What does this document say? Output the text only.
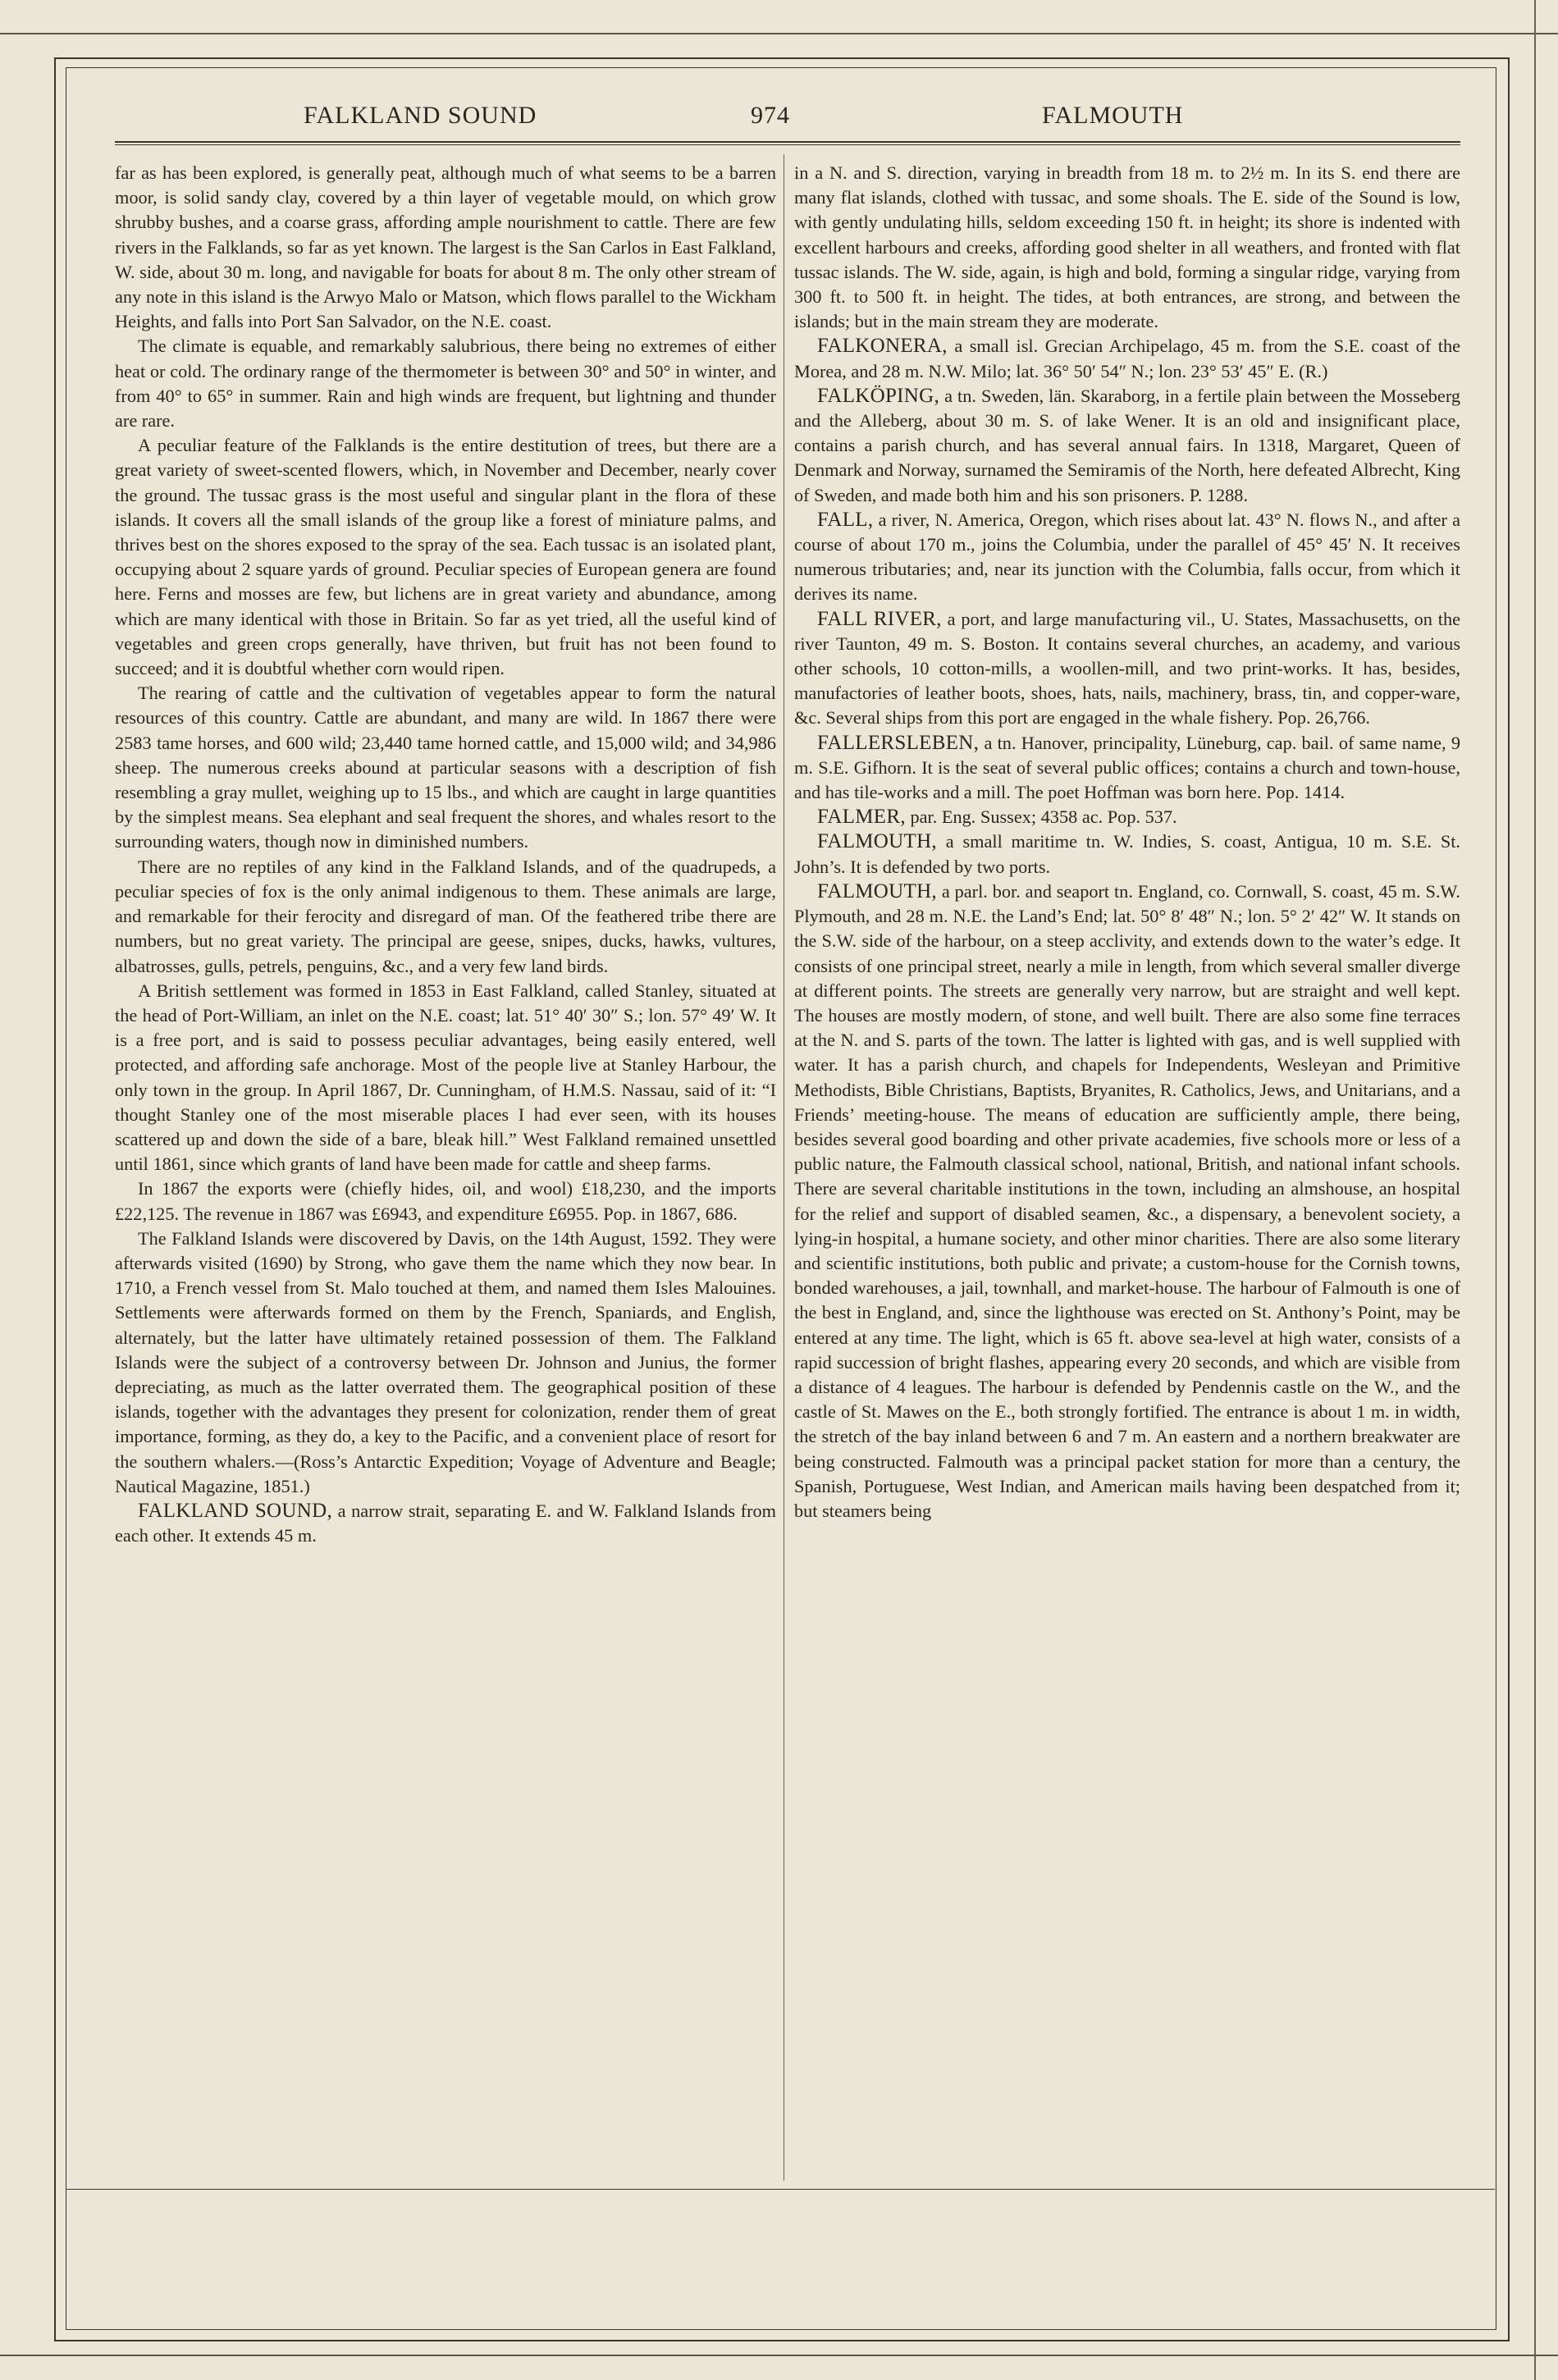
FALKLAND SOUND	974	FALMOUTH

far as has been explored, is generally peat, although much of what seems to be a barren moor, is solid sandy clay, covered by a thin layer of vegetable mould, on which grow shrubby bushes, and a coarse grass, affording ample nourishment to cattle. There are few rivers in the Falklands, so far as yet known. The largest is the San Carlos in East Falkland, W. side, about 30 m. long, and navigable for boats for about 8 m. The only other stream of any note in this island is the Arwyo Malo or Matson, which flows parallel to the Wickham Heights, and falls into Port San Salvador, on the N.E. coast.

The climate is equable, and remarkably salubrious, there being no extremes of either heat or cold. The ordinary range of the thermometer is between 30° and 50° in winter, and from 40° to 65° in summer. Rain and high winds are frequent, but lightning and thunder are rare.

A peculiar feature of the Falklands is the entire destitution of trees, but there are a great variety of sweet-scented flowers, which, in November and December, nearly cover the ground. The tussac grass is the most useful and singular plant in the flora of these islands. It covers all the small islands of the group like a forest of miniature palms, and thrives best on the shores exposed to the spray of the sea. Each tussac is an isolated plant, occupying about 2 square yards of ground. Peculiar species of European genera are found here. Ferns and mosses are few, but lichens are in great variety and abundance, among which are many identical with those in Britain. So far as yet tried, all the useful kind of vegetables and green crops generally, have thriven, but fruit has not been found to succeed; and it is doubtful whether corn would ripen.

The rearing of cattle and the cultivation of vegetables appear to form the natural resources of this country. Cattle are abundant, and many are wild. In 1867 there were 2583 tame horses, and 600 wild; 23,440 tame horned cattle, and 15,000 wild; and 34,986 sheep. The numerous creeks abound at particular seasons with a description of fish resembling a gray mullet, weighing up to 15 lbs., and which are caught in large quantities by the simplest means. Sea elephant and seal frequent the shores, and whales resort to the surrounding waters, though now in diminished numbers.

There are no reptiles of any kind in the Falkland Islands, and of the quadrupeds, a peculiar species of fox is the only animal indigenous to them. These animals are large, and remarkable for their ferocity and disregard of man. Of the feathered tribe there are numbers, but no great variety. The principal are geese, snipes, ducks, hawks, vultures, albatrosses, gulls, petrels, penguins, &c., and a very few land birds.

A British settlement was formed in 1853 in East Falkland, called Stanley, situated at the head of Port-William, an inlet on the N.E. coast; lat. 51° 40′ 30″ S.; lon. 57° 49′ W. It is a free port, and is said to possess peculiar advantages, being easily entered, well protected, and affording safe anchorage. Most of the people live at Stanley Harbour, the only town in the group. In April 1867, Dr. Cunningham, of H.M.S. Nassau, said of it: “I thought Stanley one of the most miserable places I had ever seen, with its houses scattered up and down the side of a bare, bleak hill.” West Falkland remained unsettled until 1861, since which grants of land have been made for cattle and sheep farms.

In 1867 the exports were (chiefly hides, oil, and wool) £18,230, and the imports £22,125. The revenue in 1867 was £6943, and expenditure £6955. Pop. in 1867, 686.

The Falkland Islands were discovered by Davis, on the 14th August, 1592. They were afterwards visited (1690) by Strong, who gave them the name which they now bear. In 1710, a French vessel from St. Malo touched at them, and named them Isles Malouines. Settlements were afterwards formed on them by the French, Spaniards, and English, alternately, but the latter have ultimately retained possession of them. The Falkland Islands were the subject of a controversy between Dr. Johnson and Junius, the former depreciating, as much as the latter overrated them. The geographical position of these islands, together with the advantages they present for colonization, render them of great importance, forming, as they do, a key to the Pacific, and a convenient place of resort for the southern whalers.—(Ross’s Antarctic Expedition; Voyage of Adventure and Beagle; Nautical Magazine, 1851.)

FALKLAND SOUND, a narrow strait, separating E. and W. Falkland Islands from each other. It extends 45 m.

in a N. and S. direction, varying in breadth from 18 m. to 2½ m. In its S. end there are many flat islands, clothed with tussac, and some shoals. The E. side of the Sound is low, with gently undulating hills, seldom exceeding 150 ft. in height; its shore is indented with excellent harbours and creeks, affording good shelter in all weathers, and fronted with flat tussac islands. The W. side, again, is high and bold, forming a singular ridge, varying from 300 ft. to 500 ft. in height. The tides, at both entrances, are strong, and between the islands; but in the main stream they are moderate.

FALKONERA, a small isl. Grecian Archipelago, 45 m. from the S.E. coast of the Morea, and 28 m. N.W. Milo; lat. 36° 50′ 54″ N.; lon. 23° 53′ 45″ E. (R.)

FALKÖPING, a tn. Sweden, län. Skaraborg, in a fertile plain between the Mosseberg and the Alleberg, about 30 m. S. of lake Wener. It is an old and insignificant place, contains a parish church, and has several annual fairs. In 1318, Margaret, Queen of Denmark and Norway, surnamed the Semiramis of the North, here defeated Albrecht, King of Sweden, and made both him and his son prisoners. P. 1288.

FALL, a river, N. America, Oregon, which rises about lat. 43° N. flows N., and after a course of about 170 m., joins the Columbia, under the parallel of 45° 45′ N. It receives numerous tributaries; and, near its junction with the Columbia, falls occur, from which it derives its name.

FALL RIVER, a port, and large manufacturing vil., U. States, Massachusetts, on the river Taunton, 49 m. S. Boston. It contains several churches, an academy, and various other schools, 10 cotton-mills, a woollen-mill, and two print-works. It has, besides, manufactories of leather boots, shoes, hats, nails, machinery, brass, tin, and copper-ware, &c. Several ships from this port are engaged in the whale fishery. Pop. 26,766.

FALLERSLEBEN, a tn. Hanover, principality, Lüneburg, cap. bail. of same name, 9 m. S.E. Gifhorn. It is the seat of several public offices; contains a church and town-house, and has tile-works and a mill. The poet Hoffman was born here. Pop. 1414.

FALMER, par. Eng. Sussex; 4358 ac. Pop. 537.

FALMOUTH, a small maritime tn. W. Indies, S. coast, Antigua, 10 m. S.E. St. John’s. It is defended by two ports.

FALMOUTH, a parl. bor. and seaport tn. England, co. Cornwall, S. coast, 45 m. S.W. Plymouth, and 28 m. N.E. the Land’s End; lat. 50° 8′ 48″ N.; lon. 5° 2′ 42″ W. It stands on the S.W. side of the harbour, on a steep acclivity, and extends down to the water’s edge. It consists of one principal street, nearly a mile in length, from which several smaller diverge at different points. The streets are generally very narrow, but are straight and well kept. The houses are mostly modern, of stone, and well built. There are also some fine terraces at the N. and S. parts of the town. The latter is lighted with gas, and is well supplied with water. It has a parish church, and chapels for Independents, Wesleyan and Primitive Methodists, Bible Christians, Baptists, Bryanites, R. Catholics, Jews, and Unitarians, and a Friends’ meeting-house. The means of education are sufficiently ample, there being, besides several good boarding and other private academies, five schools more or less of a public nature, the Falmouth classical school, national, British, and national infant schools. There are several charitable institutions in the town, including an almshouse, an hospital for the relief and support of disabled seamen, &c., a dispensary, a benevolent society, a lying-in hospital, a humane society, and other minor charities. There are also some literary and scientific institutions, both public and private; a custom-house for the Cornish towns, bonded warehouses, a jail, townhall, and market-house. The harbour of Falmouth is one of the best in England, and, since the lighthouse was erected on St. Anthony’s Point, may be entered at any time. The light, which is 65 ft. above sea-level at high water, consists of a rapid succession of bright flashes, appearing every 20 seconds, and which are visible from a distance of 4 leagues. The harbour is defended by Pendennis castle on the W., and the castle of St. Mawes on the E., both strongly fortified. The entrance is about 1 m. in width, the stretch of the bay inland between 6 and 7 m. An eastern and a northern breakwater are being constructed. Falmouth was a principal packet station for more than a century, the Spanish, Portuguese, West Indian, and American mails having been despatched from it; but steamers being
